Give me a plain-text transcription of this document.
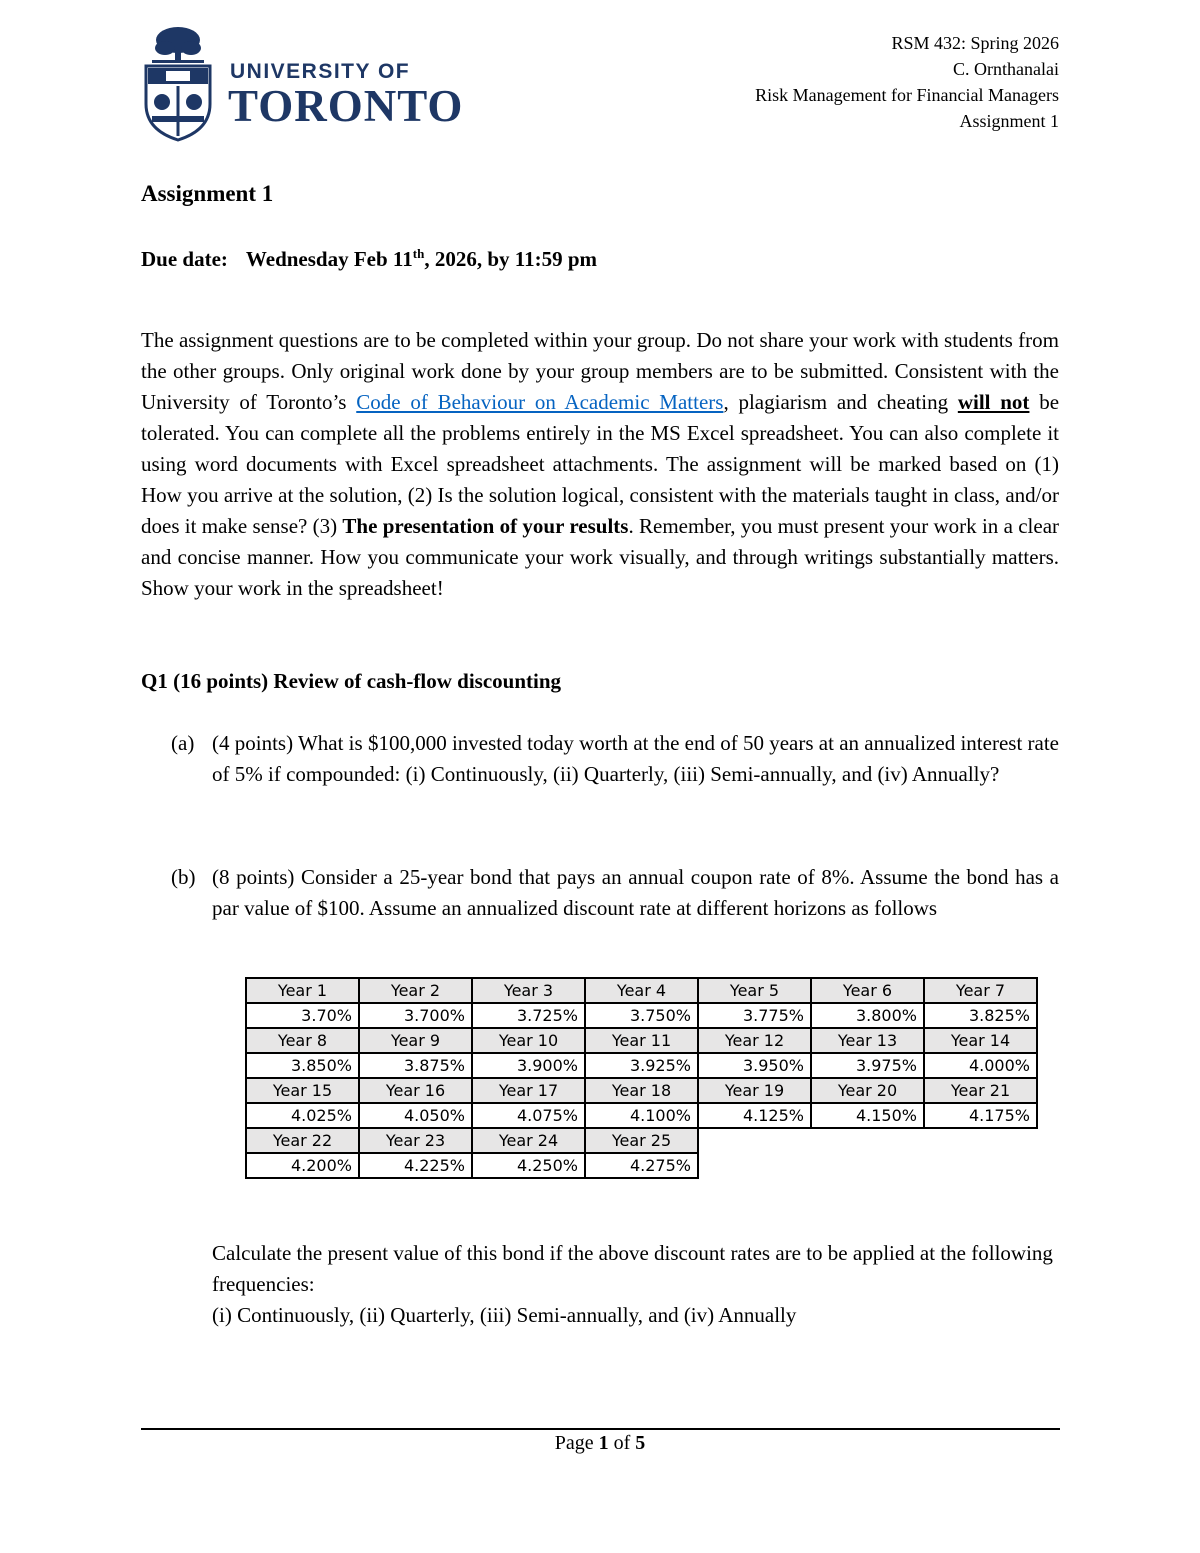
UNIVERSITY OF
TORONTO
RSM 432: Spring 2026
C. Ornthanalai
Risk Management for Financial Managers
Assignment 1
Assignment 1
Due date: Wednesday Feb 11th, 2026, by 11:59 pm
The assignment questions are to be completed within your group. Do not share your work with students from the other groups. Only original work done by your group members are to be submitted. Consistent with the University of Toronto’s Code of Behaviour on Academic Matters, plagiarism and cheating will not be tolerated. You can complete all the problems entirely in the MS Excel spreadsheet. You can also complete it using word documents with Excel spreadsheet attachments. The assignment will be marked based on (1) How you arrive at the solution, (2) Is the solution logical, consistent with the materials taught in class, and/or does it make sense? (3) The presentation of your results. Remember, you must present your work in a clear and concise manner. How you communicate your work visually, and through writings substantially matters. Show your work in the spreadsheet!
Q1 (16 points) Review of cash-flow discounting
(a) (4 points) What is $100,000 invested today worth at the end of 50 years at an annualized interest rate of 5% if compounded: (i) Continuously, (ii) Quarterly, (iii) Semi-annually, and (iv) Annually?
(b) (8 points) Consider a 25-year bond that pays an annual coupon rate of 8%. Assume the bond has a par value of $100. Assume an annualized discount rate at different horizons as follows
Year 1	Year 2	Year 3	Year 4	Year 5	Year 6	Year 7
3.70%	3.700%	3.725%	3.750%	3.775%	3.800%	3.825%
Year 8	Year 9	Year 10	Year 11	Year 12	Year 13	Year 14
3.850%	3.875%	3.900%	3.925%	3.950%	3.975%	4.000%
Year 15	Year 16	Year 17	Year 18	Year 19	Year 20	Year 21
4.025%	4.050%	4.075%	4.100%	4.125%	4.150%	4.175%
Year 22	Year 23	Year 24	Year 25			
4.200%	4.225%	4.250%	4.275%			
Calculate the present value of this bond if the above discount rates are to be applied at the following frequencies:
(i) Continuously, (ii) Quarterly, (iii) Semi-annually, and (iv) Annually
Page 1 of 5
